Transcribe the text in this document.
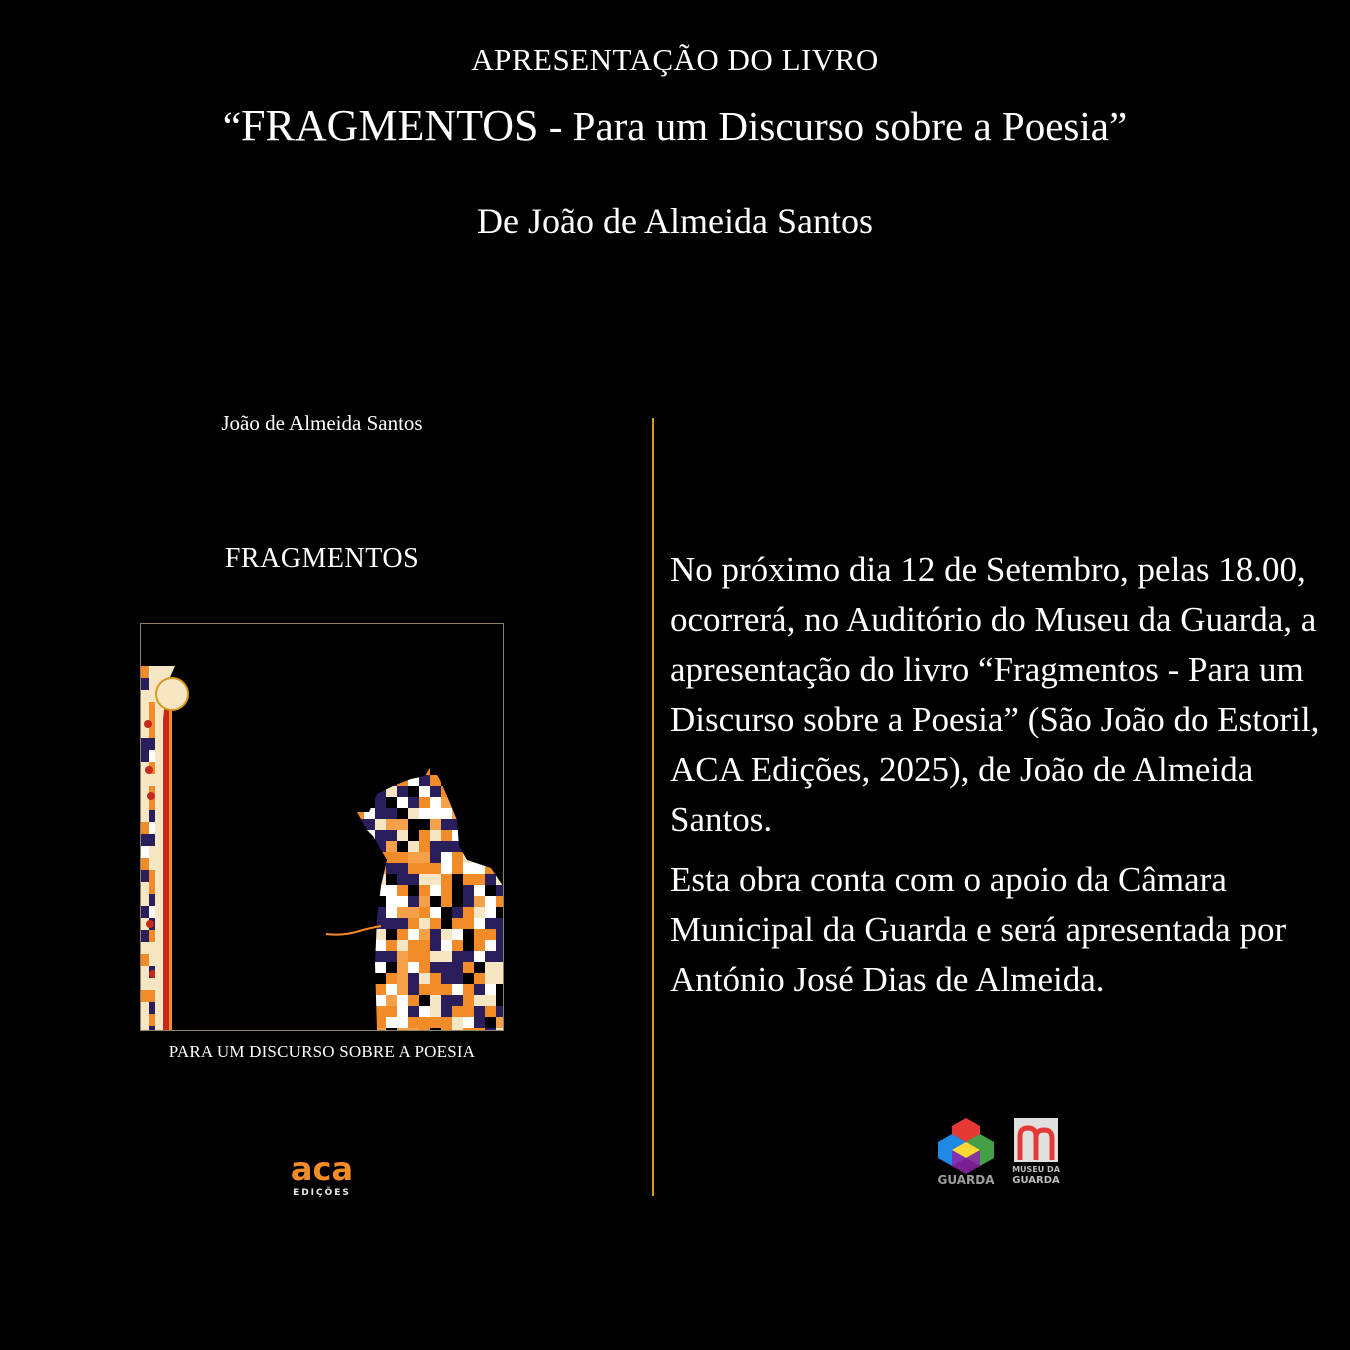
APRESENTAÇÃO DO LIVRO
“FRAGMENTOS - Para um Discurso sobre a Poesia”
De João de Almeida Santos
João de Almeida Santos
FRAGMENTOS
PARA UM DISCURSO SOBRE A POESIA
aca
EDIÇÕES

No próximo dia 12 de Setembro, pelas 18.00, ocorrerá, no Auditório do Museu da Guarda, a apresentação do livro “Fragmentos - Para um Discurso sobre a Poesia” (São João do Estoril, ACA Edições, 2025), de João de Almeida Santos.

Esta obra conta com o apoio da Câmara Municipal da Guarda e será apresentada por António José Dias de Almeida.

GUARDA
MUSEU DA
GUARDA
